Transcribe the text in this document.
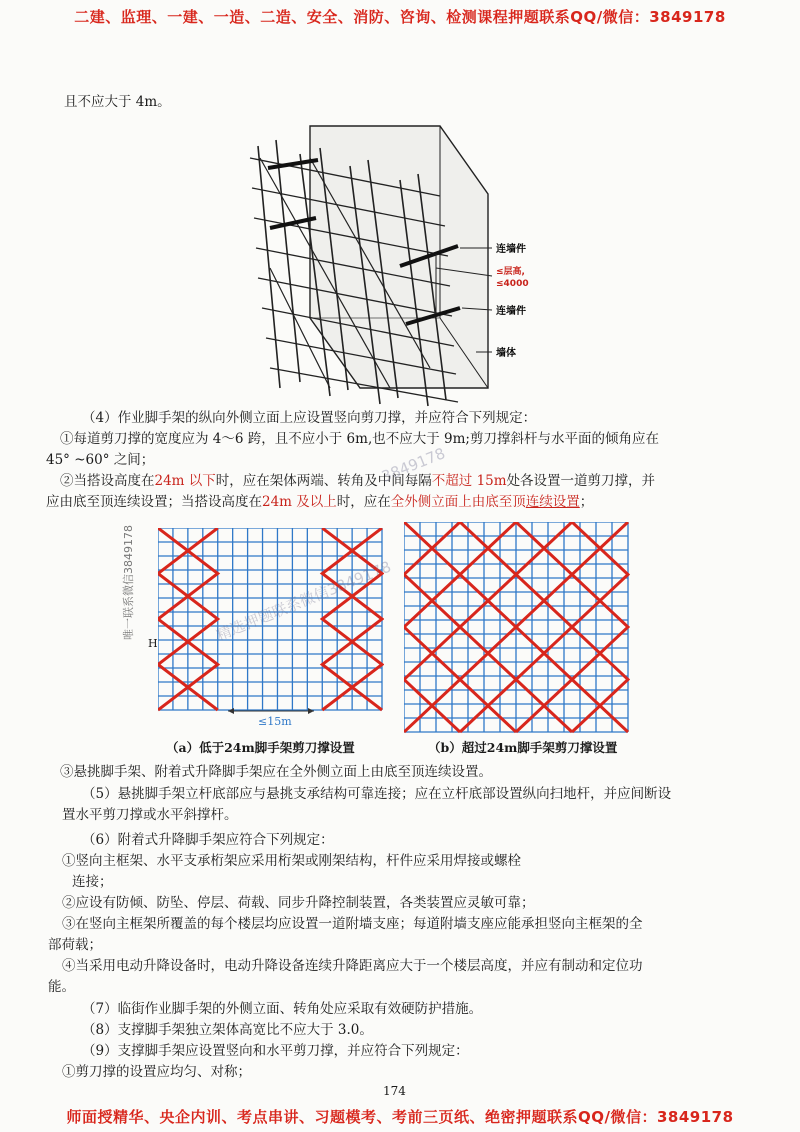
二建、监理、一建、一造、二造、安全、消防、咨询、检测课程押题联系QQ/微信：3849178
且不应大于 4m。
连墙件
≤层高,
≤4000
连墙件
墙体
（4）作业脚手架的纵向外侧立面上应设置竖向剪刀撑，并应符合下列规定：
①每道剪刀撑的宽度应为 4～6 跨，且不应小于 6m,也不应大于 9m;剪刀撑斜杆与水平面的倾角应在
45° ~60° 之间；
②当搭设高度在24m 以下时，应在架体两端、转角及中间每隔不超过 15m处各设置一道剪刀撑，并
应由底至顶连续设置；当搭设高度在24m 及以上时，应在全外侧立面上由底至顶连续设置；
H
≤15m
（a）低于24m脚手架剪刀撑设置	（b）超过24m脚手架剪刀撑设置
③悬挑脚手架、附着式升降脚手架应在全外侧立面上由底至顶连续设置。
（5）悬挑脚手架立杆底部应与悬挑支承结构可靠连接；应在立杆底部设置纵向扫地杆，并应间断设
置水平剪刀撑或水平斜撑杆。
（6）附着式升降脚手架应符合下列规定：
①竖向主框架、水平支承桁架应采用桁架或刚架结构，杆件应采用焊接或螺栓
连接；
②应设有防倾、防坠、停层、荷载、同步升降控制装置，各类装置应灵敏可靠；
③在竖向主框架所覆盖的每个楼层均应设置一道附墙支座；每道附墙支座应能承担竖向主框架的全
部荷载；
④当采用电动升降设备时，电动升降设备连续升降距离应大于一个楼层高度，并应有制动和定位功
能。
（7）临街作业脚手架的外侧立面、转角处应采取有效硬防护措施。
（8）支撑脚手架独立架体高宽比不应大于 3.0。
（9）支撑脚手架应设置竖向和水平剪刀撑，并应符合下列规定：
①剪刀撑的设置应均匀、对称；
174
师面授精华、央企内训、考点串讲、习题模考、考前三页纸、绝密押题联系QQ/微信：3849178
精选押题联系微信3849178
3849178
唯一联系微信3849178
